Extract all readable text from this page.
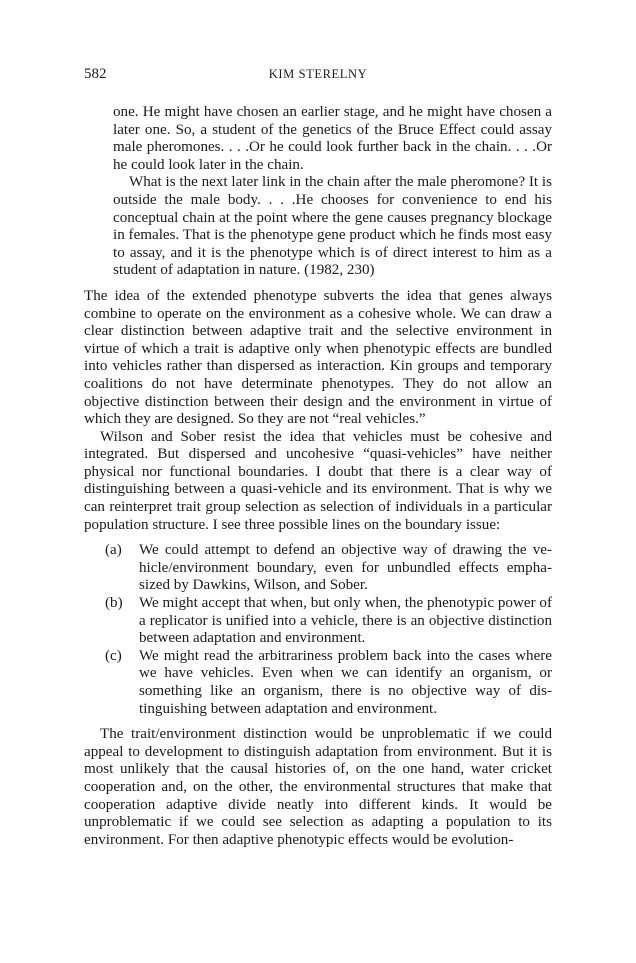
582	KIM STERELNY

one. He might have chosen an earlier stage, and he might have chosen a later one. So, a student of the genetics of the Bruce Effect could assay male pheromones. . . .Or he could look further back in the chain. . . .Or he could look later in the chain.

What is the next later link in the chain after the male pheromone? It is outside the male body. . . .He chooses for convenience to end his conceptual chain at the point where the gene causes pregnancy blockage in females. That is the phenotype gene product which he finds most easy to assay, and it is the phenotype which is of direct interest to him as a student of adaptation in nature. (1982, 230)

The idea of the extended phenotype subverts the idea that genes always combine to operate on the environment as a cohesive whole. We can draw a clear distinction between adaptive trait and the selective environment in virtue of which a trait is adaptive only when phenotypic effects are bundled into vehicles rather than dispersed as interaction. Kin groups and temporary coalitions do not have determinate phenotypes. They do not allow an objective distinction between their design and the environment in virtue of which they are designed. So they are not “real vehicles.”

Wilson and Sober resist the idea that vehicles must be cohesive and integrated. But dispersed and uncohesive “quasi-vehicles” have neither physical nor functional boundaries. I doubt that there is a clear way of distinguishing between a quasi-vehicle and its environment. That is why we can reinterpret trait group selection as selection of individuals in a particular population structure. I see three possible lines on the boundary issue:

(a) We could attempt to defend an objective way of drawing the vehicle/environment boundary, even for unbundled effects emphasized by Dawkins, Wilson, and Sober.
(b) We might accept that when, but only when, the phenotypic power of a replicator is unified into a vehicle, there is an objective distinction between adaptation and environment.
(c) We might read the arbitrariness problem back into the cases where we have vehicles. Even when we can identify an organism, or something like an organism, there is no objective way of distinguishing between adaptation and environment.

The trait/environment distinction would be unproblematic if we could appeal to development to distinguish adaptation from environment. But it is most unlikely that the causal histories of, on the one hand, water cricket cooperation and, on the other, the environmental structures that make that cooperation adaptive divide neatly into different kinds. It would be unproblematic if we could see selection as adapting a population to its environment. For then adaptive phenotypic effects would be evolution-
